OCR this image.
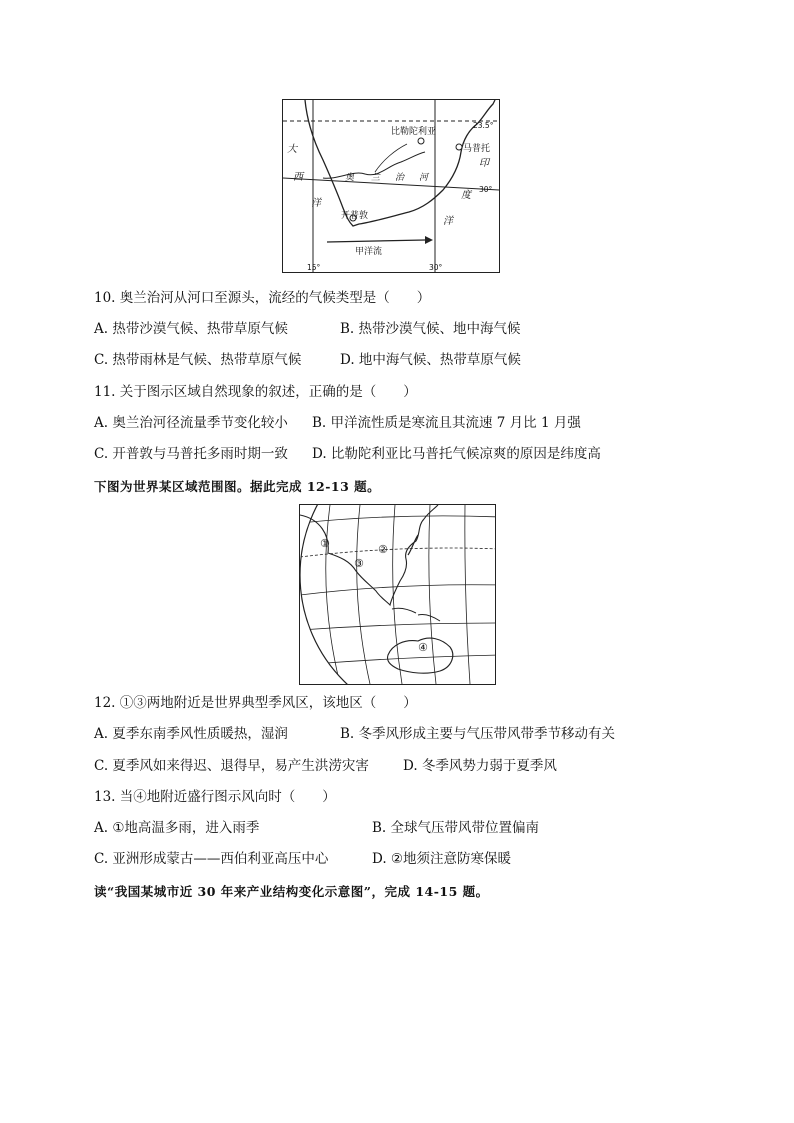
比勒陀利亚
马普托
开普敦
奥 兰 治 河
大
西
洋
印
度
洋
甲洋流
23.5°
30°
15°	30°
10. 奥兰治河从河口至源头，流经的气候类型是（　　）
A. 热带沙漠气候、热带草原气候	B. 热带沙漠气候、地中海气候
C. 热带雨林是气候、热带草原气候	D. 地中海气候、热带草原气候
11. 关于图示区域自然现象的叙述，正确的是（　　）
A. 奥兰治河径流量季节变化较小 B. 甲洋流性质是寒流且其流速 7 月比 1 月强
C. 开普敦与马普托多雨时期一致 D. 比勒陀利亚比马普托气候凉爽的原因是纬度高
下图为世界某区域范围图。据此完成 12-13 题。
①	②
③
④
12. ①③两地附近是世界典型季风区，该地区（　　）
A. 夏季东南季风性质暖热，湿润	B. 冬季风形成主要与气压带风带季节移动有关
C. 夏季风如来得迟、退得早，易产生洪涝灾害	D. 冬季风势力弱于夏季风
13. 当④地附近盛行图示风向时（　　）
A. ①地高温多雨，进入雨季	B. 全球气压带风带位置偏南
C. 亚洲形成蒙古——西伯利亚高压中心	D. ②地须注意防寒保暖
读“我国某城市近 30 年来产业结构变化示意图”，完成 14-15 题。
